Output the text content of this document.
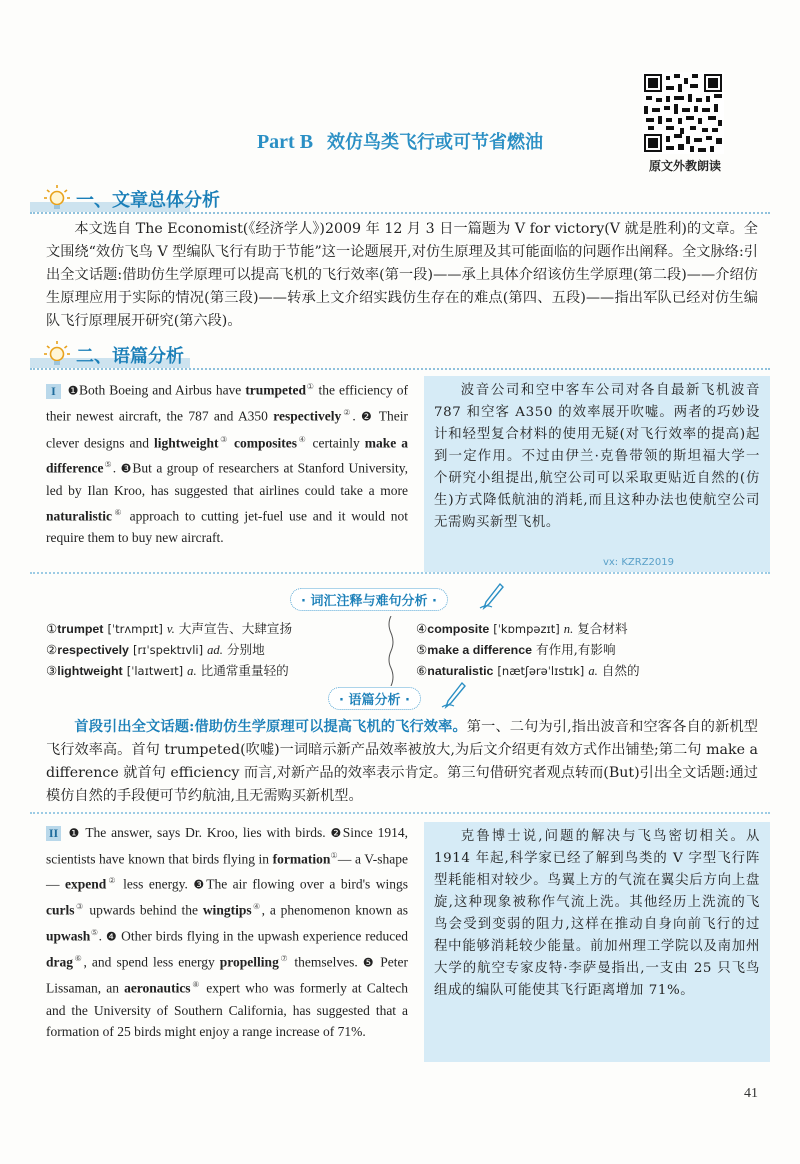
原文外教朗读
Part B 效仿鸟类飞行或可节省燃油
一、文章总体分析
本文选自 The Economist(《经济学人》)2009 年 12 月 3 日一篇题为 V for victory(V 就是胜利)的文章。全文围绕“效仿飞鸟 V 型编队飞行有助于节能”这一论题展开,对仿生原理及其可能面临的问题作出阐释。全文脉络:引出全文话题:借助仿生学原理可以提高飞机的飞行效率(第一段)——承上具体介绍该仿生学原理(第二段)——介绍仿生原理应用于实际的情况(第三段)——转承上文介绍实践仿生存在的难点(第四、五段)——指出军队已经对仿生编队飞行原理展开研究(第六段)。
二、语篇分析
I ❶Both Boeing and Airbus have trumpeted① the efficiency of their newest aircraft, the 787 and A350 respectively②. ❷ Their clever designs and lightweight③ composites④ certainly make a difference⑤. ❸But a group of researchers at Stanford University, led by Ilan Kroo, has suggested that airlines could take a more naturalistic⑥ approach to cutting jet-fuel use and it would not require them to buy new aircraft.
波音公司和空中客车公司对各自最新飞机波音 787 和空客 A350 的效率展开吹嘘。两者的巧妙设计和轻型复合材料的使用无疑(对飞行效率的提高)起到一定作用。不过由伊兰·克鲁带领的斯坦福大学一个研究小组提出,航空公司可以采取更贴近自然的(仿生)方式降低航油的消耗,而且这种办法也使航空公司无需购买新型飞机。
vx: KZRZ2019
· 词汇注释与难句分析 ·
①trumpet [ˈtrʌmpɪt] v. 大声宣告、大肆宣扬
②respectively [rɪˈspektɪvli] ad. 分别地
③lightweight [ˈlaɪtweɪt] a. 比通常重量轻的
④composite [ˈkɒmpəzɪt] n. 复合材料
⑤make a difference 有作用,有影响
⑥naturalistic [nætʃərəˈlɪstɪk] a. 自然的
· 语篇分析 ·
首段引出全文话题:借助仿生学原理可以提高飞机的飞行效率。第一、二句为引,指出波音和空客各自的新机型飞行效率高。首句 trumpeted(吹嘘)一词暗示新产品效率被放大,为后文介绍更有效方式作出铺垫;第二句 make a difference 就首句 efficiency 而言,对新产品的效率表示肯定。第三句借研究者观点转而(But)引出全文话题:通过模仿自然的手段便可节约航油,且无需购买新机型。
II ❶ The answer, says Dr. Kroo, lies with birds. ❷Since 1914, scientists have known that birds flying in formation①— a V-shape — expend② less energy. ❸The air flowing over a bird's wings curls③ upwards behind the wingtips④, a phenomenon known as upwash⑤. ❹ Other birds flying in the upwash experience reduced drag⑥, and spend less energy propelling⑦ themselves. ❺ Peter Lissaman, an aeronautics⑧ expert who was formerly at Caltech and the University of Southern California, has suggested that a formation of 25 birds might enjoy a range increase of 71%.
克鲁博士说,问题的解决与飞鸟密切相关。从 1914 年起,科学家已经了解到鸟类的 V 字型飞行阵型耗能相对较少。鸟翼上方的气流在翼尖后方向上盘旋,这种现象被称作气流上洗。其他经历上洗流的飞鸟会受到变弱的阻力,这样在推动自身向前飞行的过程中能够消耗较少能量。前加州理工学院以及南加州大学的航空专家皮特·李萨曼指出,一支由 25 只飞鸟组成的编队可能使其飞行距离增加 71%。
41
